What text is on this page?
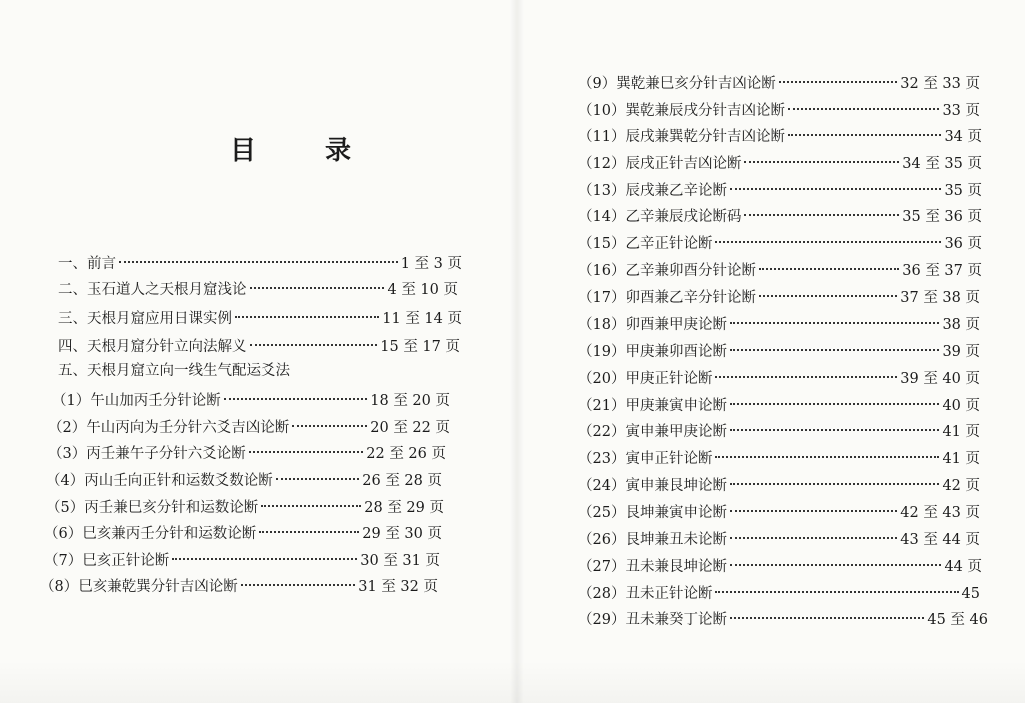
目 录
一、前言	1 至 3 页
二、玉石道人之天根月窟浅论	4 至 10 页
三、天根月窟应用日课实例	11 至 14 页
四、天根月窟分针立向法解义	15 至 17 页
五、天根月窟立向一线生气配运爻法
（1）午山加丙壬分针论断	18 至 20 页
（2）午山丙向为壬分针六爻吉凶论断	20 至 22 页
（3）丙壬兼午子分针六爻论断	22 至 26 页
（4）丙山壬向正针和运数爻数论断	26 至 28 页
（5）丙壬兼巳亥分针和运数论断	28 至 29 页
（6）巳亥兼丙壬分针和运数论断	29 至 30 页
（7）巳亥正针论断	30 至 31 页
（8）巳亥兼乾巽分针吉凶论断	31 至 32 页
（9）巽乾兼巳亥分针吉凶论断	32 至 33 页
（10）巽乾兼辰戌分针吉凶论断	33 页
（11）辰戌兼巽乾分针吉凶论断	34 页
（12）辰戌正针吉凶论断	34 至 35 页
（13）辰戌兼乙辛论断	35 页
（14）乙辛兼辰戌论断码	35 至 36 页
（15）乙辛正针论断	36 页
（16）乙辛兼卯酉分针论断	36 至 37 页
（17）卯酉兼乙辛分针论断	37 至 38 页
（18）卯酉兼甲庚论断	38 页
（19）甲庚兼卯酉论断	39 页
（20）甲庚正针论断	39 至 40 页
（21）甲庚兼寅申论断	40 页
（22）寅申兼甲庚论断	41 页
（23）寅申正针论断	41 页
（24）寅申兼艮坤论断	42 页
（25）艮坤兼寅申论断	42 至 43 页
（26）艮坤兼丑未论断	43 至 44 页
（27）丑未兼艮坤论断	44 页
（28）丑未正针论断	45
（29）丑未兼癸丁论断	45 至 46
